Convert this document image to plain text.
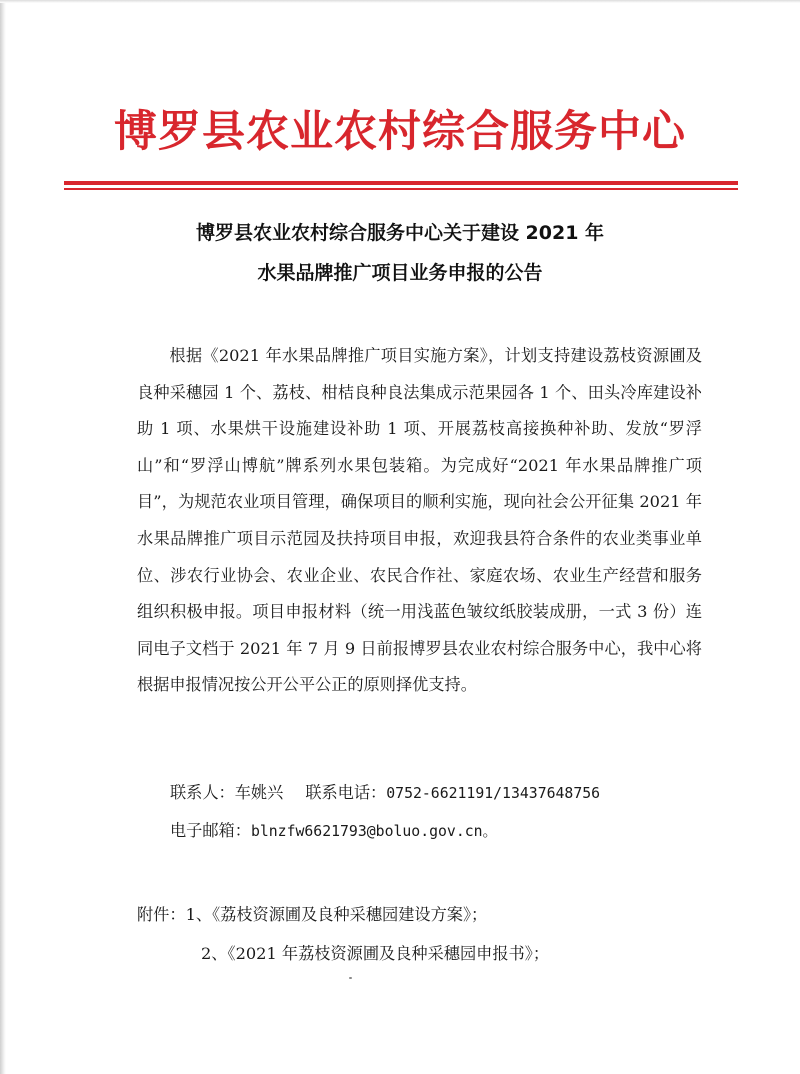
博罗县农业农村综合服务中心
博罗县农业农村综合服务中心关于建设 2021 年
水果品牌推广项目业务申报的公告

根据《2021 年水果品牌推广项目实施方案》，计划支持建设荔枝资源圃及良种采穗园 1 个、荔枝、柑桔良种良法集成示范果园各 1 个、田头冷库建设补助 1 项、水果烘干设施建设补助 1 项、开展荔枝高接换种补助、发放“罗浮山”和“罗浮山博航”牌系列水果包装箱。为完成好“2021 年水果品牌推广项目”，为规范农业项目管理，确保项目的顺利实施，现向社会公开征集 2021 年水果品牌推广项目示范园及扶持项目申报，欢迎我县符合条件的农业类事业单位、涉农行业协会、农业企业、农民合作社、家庭农场、农业生产经营和服务组织积极申报。项目申报材料（统一用浅蓝色皱纹纸胶装成册，一式 3 份）连同电子文档于 2021 年 7 月 9 日前报博罗县农业农村综合服务中心，我中心将根据申报情况按公开公平公正的原则择优支持。

联系人：车姚兴 联系电话：0752-6621191/13437648756
电子邮箱：blnzfw6621793@boluo.gov.cn。
附件：1、《荔枝资源圃及良种采穗园建设方案》；
2、《2021 年荔枝资源圃及良种采穗园申报书》；
